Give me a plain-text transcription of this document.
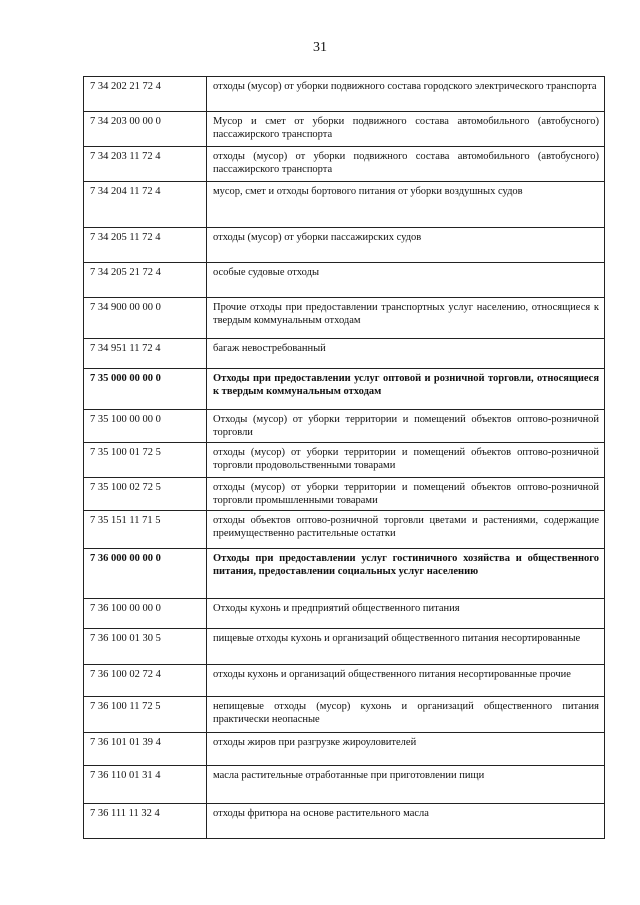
31
7 34 202 21 72 4	отходы (мусор) от уборки подвижного состава городского электрического транспорта
7 34 203 00 00 0	Мусор и смет от уборки подвижного состава автомобильного (автобусного) пассажирского транспорта
7 34 203 11 72 4	отходы (мусор) от уборки подвижного состава автомобильного (автобусного) пассажирского транспорта
7 34 204 11 72 4	мусор, смет и отходы бортового питания от уборки воздушных судов
7 34 205 11 72 4	отходы (мусор) от уборки пассажирских судов
7 34 205 21 72 4	особые судовые отходы
7 34 900 00 00 0	Прочие отходы при предоставлении транспортных услуг населению, относящиеся к твердым коммунальным отходам
7 34 951 11 72 4	багаж невостребованный
7 35 000 00 00 0	Отходы при предоставлении услуг оптовой и розничной торговли, относящиеся к твердым коммунальным отходам
7 35 100 00 00 0	Отходы (мусор) от уборки территории и помещений объектов оптово-розничной торговли
7 35 100 01 72 5	отходы (мусор) от уборки территории и помещений объектов оптово-розничной торговли продовольственными товарами
7 35 100 02 72 5	отходы (мусор) от уборки территории и помещений объектов оптово-розничной торговли промышленными товарами
7 35 151 11 71 5	отходы объектов оптово-розничной торговли цветами и растениями, содержащие преимущественно растительные остатки
7 36 000 00 00 0	Отходы при предоставлении услуг гостиничного хозяйства и общественного питания, предоставлении социальных услуг населению
7 36 100 00 00 0	Отходы кухонь и предприятий общественного питания
7 36 100 01 30 5	пищевые отходы кухонь и организаций общественного питания несортированные
7 36 100 02 72 4	отходы кухонь и организаций общественного питания несортированные прочие
7 36 100 11 72 5	непищевые отходы (мусор) кухонь и организаций общественного питания практически неопасные
7 36 101 01 39 4	отходы жиров при разгрузке жироуловителей
7 36 110 01 31 4	масла растительные отработанные при приготовлении пищи
7 36 111 11 32 4	отходы фритюра на основе растительного масла
